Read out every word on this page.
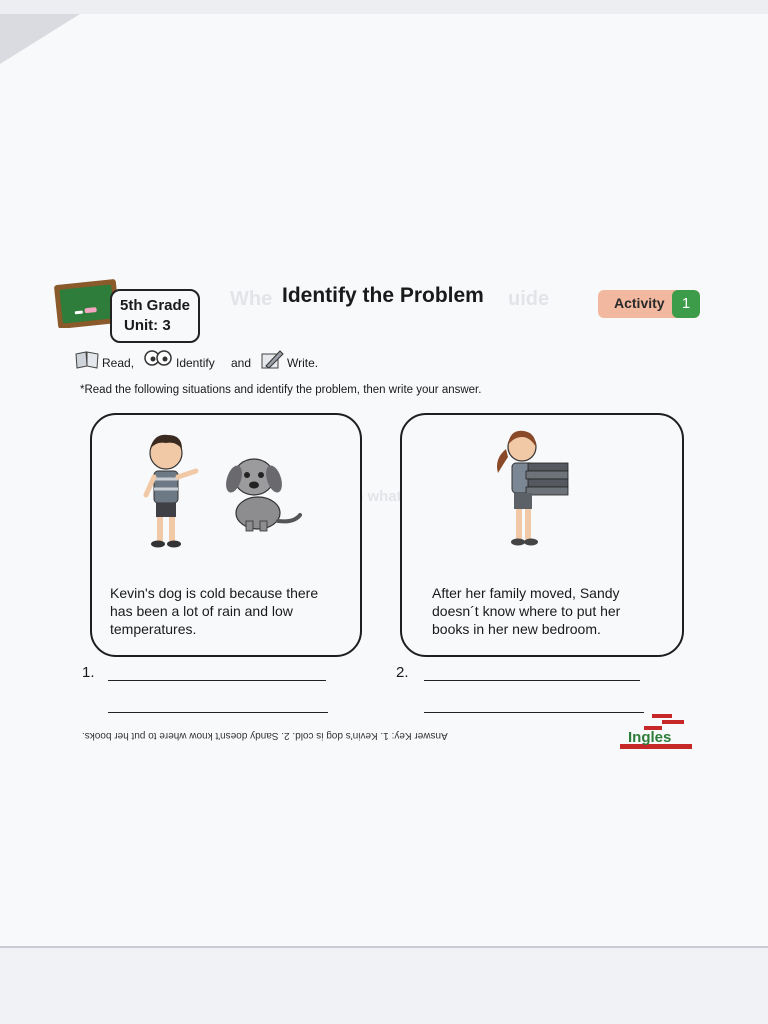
Whe	uide
what
5th Grade
Unit: 3
Identify the Problem	Activity	1
Read,	Identify and	Write.
*Read the following situations and identify the problem, then write your answer.
Kevin's dog is cold because there
has been a lot of rain and low
temperatures.
After her family moved, Sandy
doesn´t know where to put her
books in her new bedroom.
1.	2.
Answer Key: 1. Kevin's dog is cold. 2. Sandy doesn't know where to put her books.	Ingles
